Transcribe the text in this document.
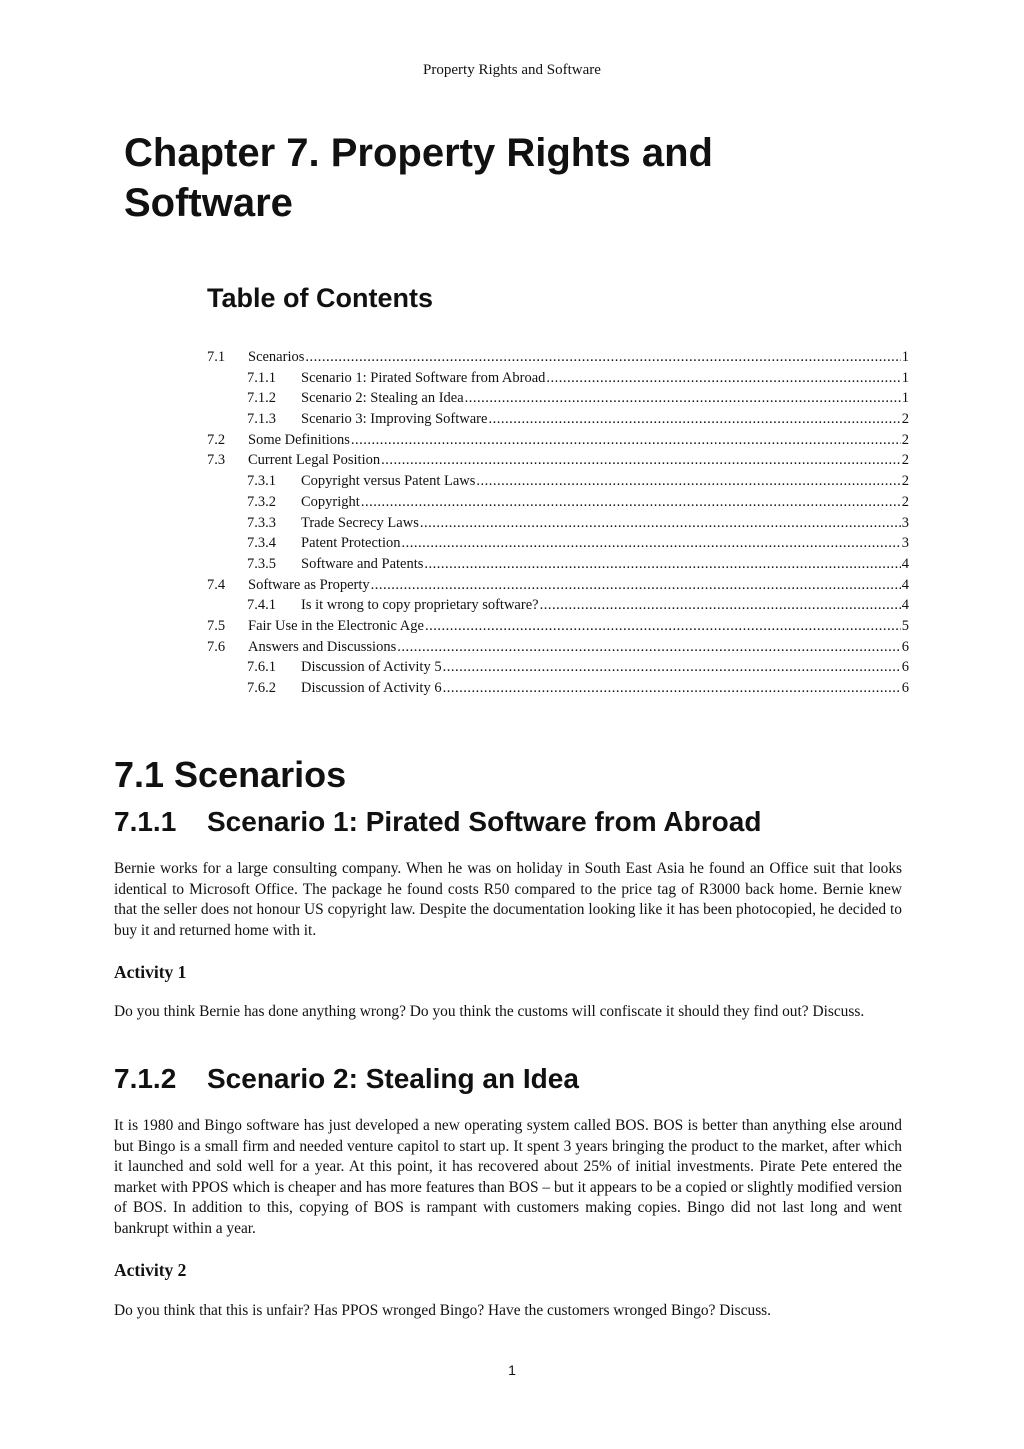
Property Rights and Software
Chapter 7. Property Rights and Software
Table of Contents
7.1	Scenarios .....	1
7.1.1	Scenario 1: Pirated Software from Abroad .....	1
7.1.2	Scenario 2: Stealing an Idea .....	1
7.1.3	Scenario 3: Improving Software .....	2
7.2	Some Definitions .....	2
7.3	Current Legal Position .....	2
7.3.1	Copyright versus Patent Laws .....	2
7.3.2	Copyright .....	2
7.3.3	Trade Secrecy Laws .....	3
7.3.4	Patent Protection .....	3
7.3.5	Software and Patents .....	4
7.4	Software as Property .....	4
7.4.1	Is it wrong to copy proprietary software? .....	4
7.5	Fair Use in the Electronic Age .....	5
7.6	Answers and Discussions .....	6
7.6.1	Discussion of Activity 5 .....	6
7.6.2	Discussion of Activity 6 .....	6
7.1 Scenarios
7.1.1 Scenario 1: Pirated Software from Abroad

Bernie works for a large consulting company. When he was on holiday in South East Asia he found an Office suit that looks identical to Microsoft Office. The package he found costs R50 compared to the price tag of R3000 back home. Bernie knew that the seller does not honour US copyright law. Despite the documentation looking like it has been photocopied, he decided to buy it and returned home with it.

Activity 1

Do you think Bernie has done anything wrong? Do you think the customs will confiscate it should they find out? Discuss.

7.1.2 Scenario 2: Stealing an Idea

It is 1980 and Bingo software has just developed a new operating system called BOS. BOS is better than anything else around but Bingo is a small firm and needed venture capitol to start up. It spent 3 years bringing the product to the market, after which it launched and sold well for a year. At this point, it has recovered about 25% of initial investments. Pirate Pete entered the market with PPOS which is cheaper and has more features than BOS – but it appears to be a copied or slightly modified version of BOS. In addition to this, copying of BOS is rampant with customers making copies. Bingo did not last long and went bankrupt within a year.

Activity 2

Do you think that this is unfair? Has PPOS wronged Bingo? Have the customers wronged Bingo? Discuss.

1
